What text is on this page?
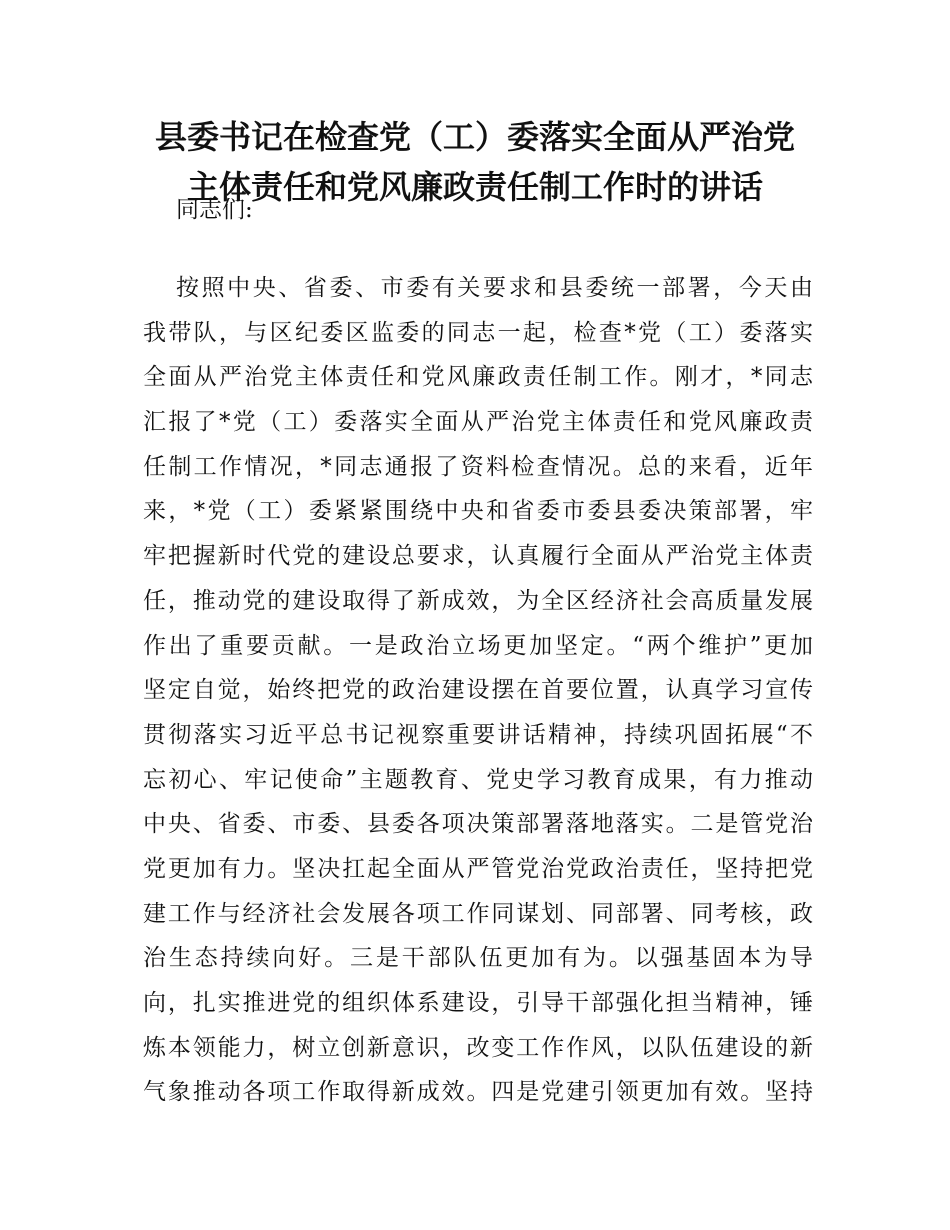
县委书记在检查党（工）委落实全面从严治党
主体责任和党风廉政责任制工作时的讲话

同志们:

按照中央、省委、市委有关要求和县委统一部署，今天由
我带队，与区纪委区监委的同志一起，检查*党（工）委落实
全面从严治党主体责任和党风廉政责任制工作。刚才，*同志
汇报了*党（工）委落实全面从严治党主体责任和党风廉政责
任制工作情况，*同志通报了资料检查情况。总的来看，近年
来，*党（工）委紧紧围绕中央和省委市委县委决策部署，牢
牢把握新时代党的建设总要求，认真履行全面从严治党主体责
任，推动党的建设取得了新成效，为全区经济社会高质量发展
作出了重要贡献。一是政治立场更加坚定。“两个维护”更加
坚定自觉，始终把党的政治建设摆在首要位置，认真学习宣传
贯彻落实习近平总书记视察重要讲话精神，持续巩固拓展“不
忘初心、牢记使命”主题教育、党史学习教育成果，有力推动
中央、省委、市委、县委各项决策部署落地落实。二是管党治
党更加有力。坚决扛起全面从严管党治党政治责任，坚持把党
建工作与经济社会发展各项工作同谋划、同部署、同考核，政
治生态持续向好。三是干部队伍更加有为。以强基固本为导
向，扎实推进党的组织体系建设，引导干部强化担当精神，锤
炼本领能力，树立创新意识，改变工作作风，以队伍建设的新
气象推动各项工作取得新成效。四是党建引领更加有效。坚持
